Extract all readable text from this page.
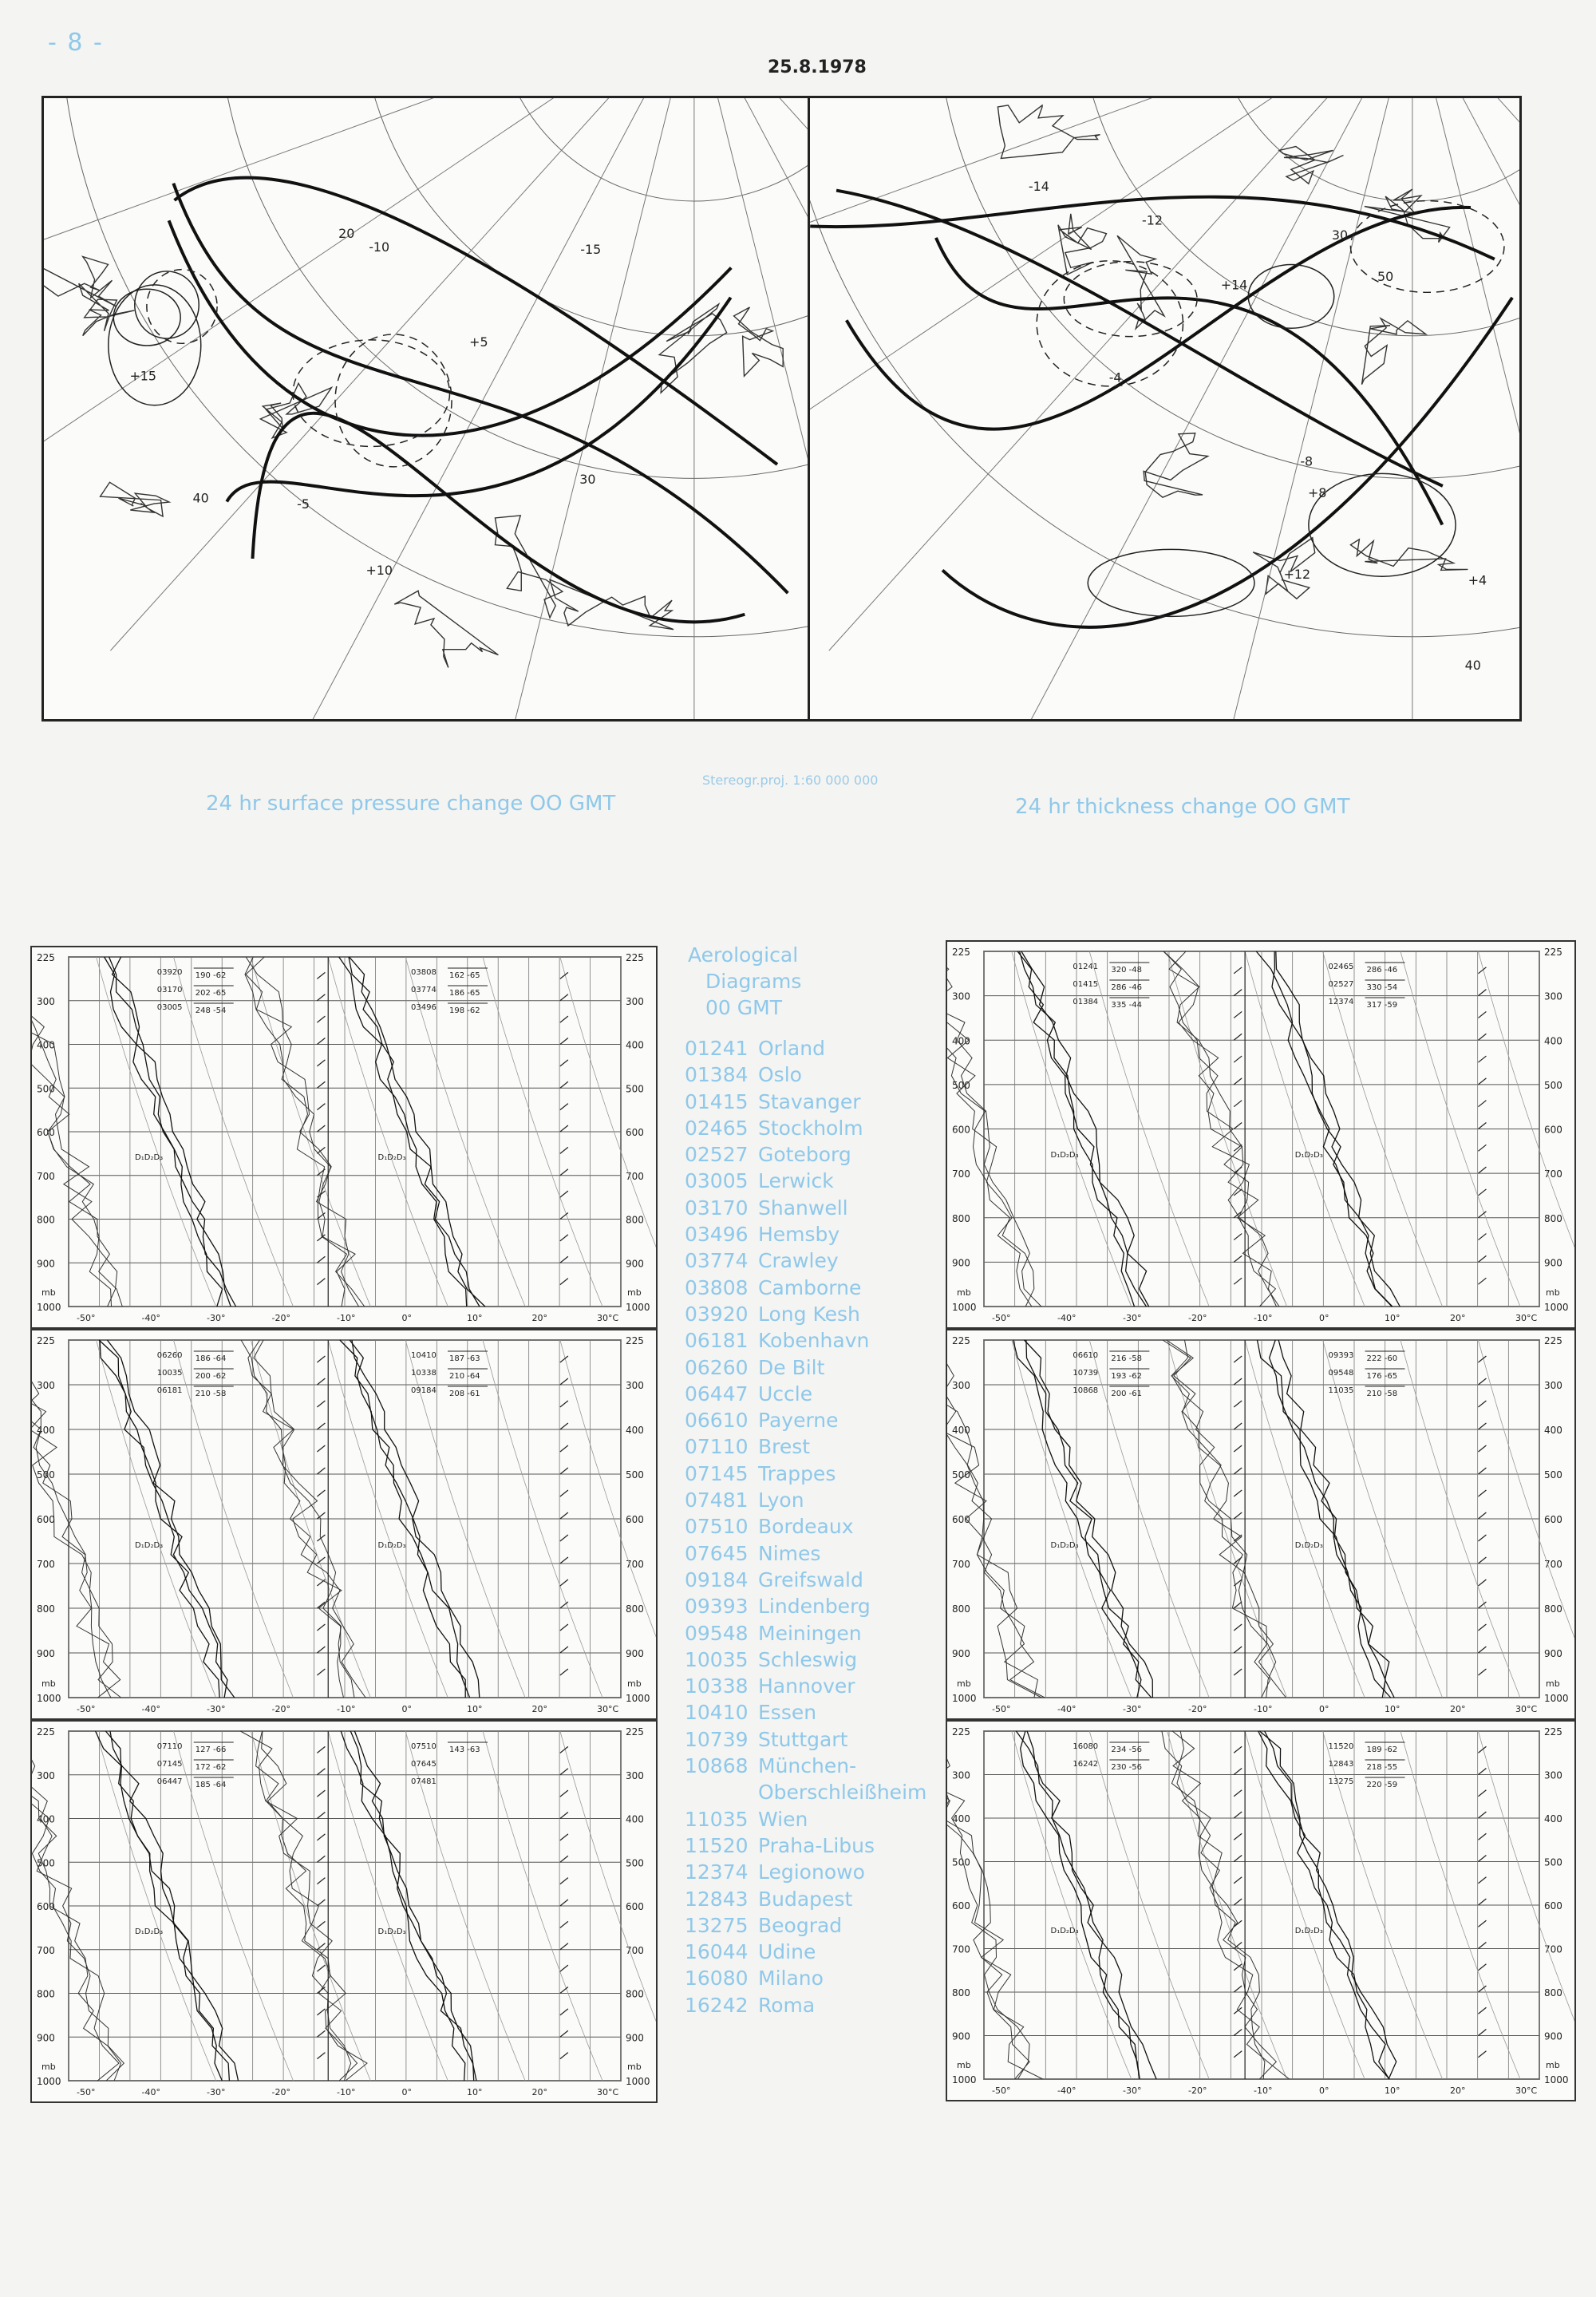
- 8 -
25.8.1978
-5
-10	-15
+5
+10
+15
20
30
40
-4
-8
-12
-14
+4
+8
+12
+14
30
40
50
Stereogr.proj. 1:60 000 000
24 hr surface pressure change OO GMT	24 hr thickness change OO GMT
225	225
300	300
400	400
500	500
600	600
700	700
800	800
900	900
1000	1000
mb	mb
-50°	-40°	-30°	-20°	-10°	0°	10°	20°	30°C
D₁D₂D₃	D₁D₂D₃
03920 190 -62
03170 202 -65
03005 248 -54
03808 162 -65
03774 186 -65
03496 198 -62
225	225
300	300
400	400
500	500
600	600
700	700
800	800
900	900
1000	1000
mb	mb
-50°	-40°	-30°	-20°	-10°	0°	10°	20°	30°C
D₁D₂D₃	D₁D₂D₃
06260 186 -64
10035 200 -62
06181 210 -58
10410 187 -63
10338 210 -64
09184 208 -61
225	225
300	300
400	400
500	500
600	600
700	700
800	800
900	900
1000	1000
mb	mb
-50°	-40°	-30°	-20°	-10°	0°	10°	20°	30°C
D₁D₂D₃	D₁D₂D₃
07110 127 -66
07145 172 -62
06447 185 -64
07510 143 -63
07645
07481
225	225
300	300
400	400
500	500
600	600
700	700
800	800
900	900
1000	1000
mb	mb
-50°	-40°	-30°	-20°	-10°	0°	10°	20°	30°C
D₁D₂D₃	D₁D₂D₃
01241 320 -48
01415 286 -46
01384 335 -44
02465 286 -46
02527 330 -54
12374 317 -59
225	225
300	300
400	400
500	500
600	600
700	700
800	800
900	900
1000	1000
mb	mb
-50°	-40°	-30°	-20°	-10°	0°	10°	20°	30°C
D₁D₂D₃	D₁D₂D₃
06610 216 -58
10739 193 -62
10868 200 -61
09393 222 -60
09548 176 -65
11035 210 -58
225	225
300	300
400	400
500	500
600	600
700	700
800	800
900	900
1000	1000
mb	mb
-50°	-40°	-30°	-20°	-10°	0°	10°	20°	30°C
D₁D₂D₃	D₁D₂D₃
16080 234 -56
16242 230 -56
11520 189 -62
12843 218 -55
13275 220 -59
Aerological
Diagrams
00 GMT
01241 Orland
01384 Oslo
01415 Stavanger
02465 Stockholm
02527 Goteborg
03005 Lerwick
03170 Shanwell
03496 Hemsby
03774 Crawley
03808 Camborne
03920 Long Kesh
06181 Kobenhavn
06260 De Bilt
06447 Uccle
06610 Payerne
07110 Brest
07145 Trappes
07481 Lyon
07510 Bordeaux
07645 Nimes
09184 Greifswald
09393 Lindenberg
09548 Meiningen
10035 Schleswig
10338 Hannover
10410 Essen
10739 Stuttgart
10868 München-
Oberschleißheim
11035 Wien
11520 Praha-Libus
12374 Legionowo
12843 Budapest
13275 Beograd
16044 Udine
16080 Milano
16242 Roma
